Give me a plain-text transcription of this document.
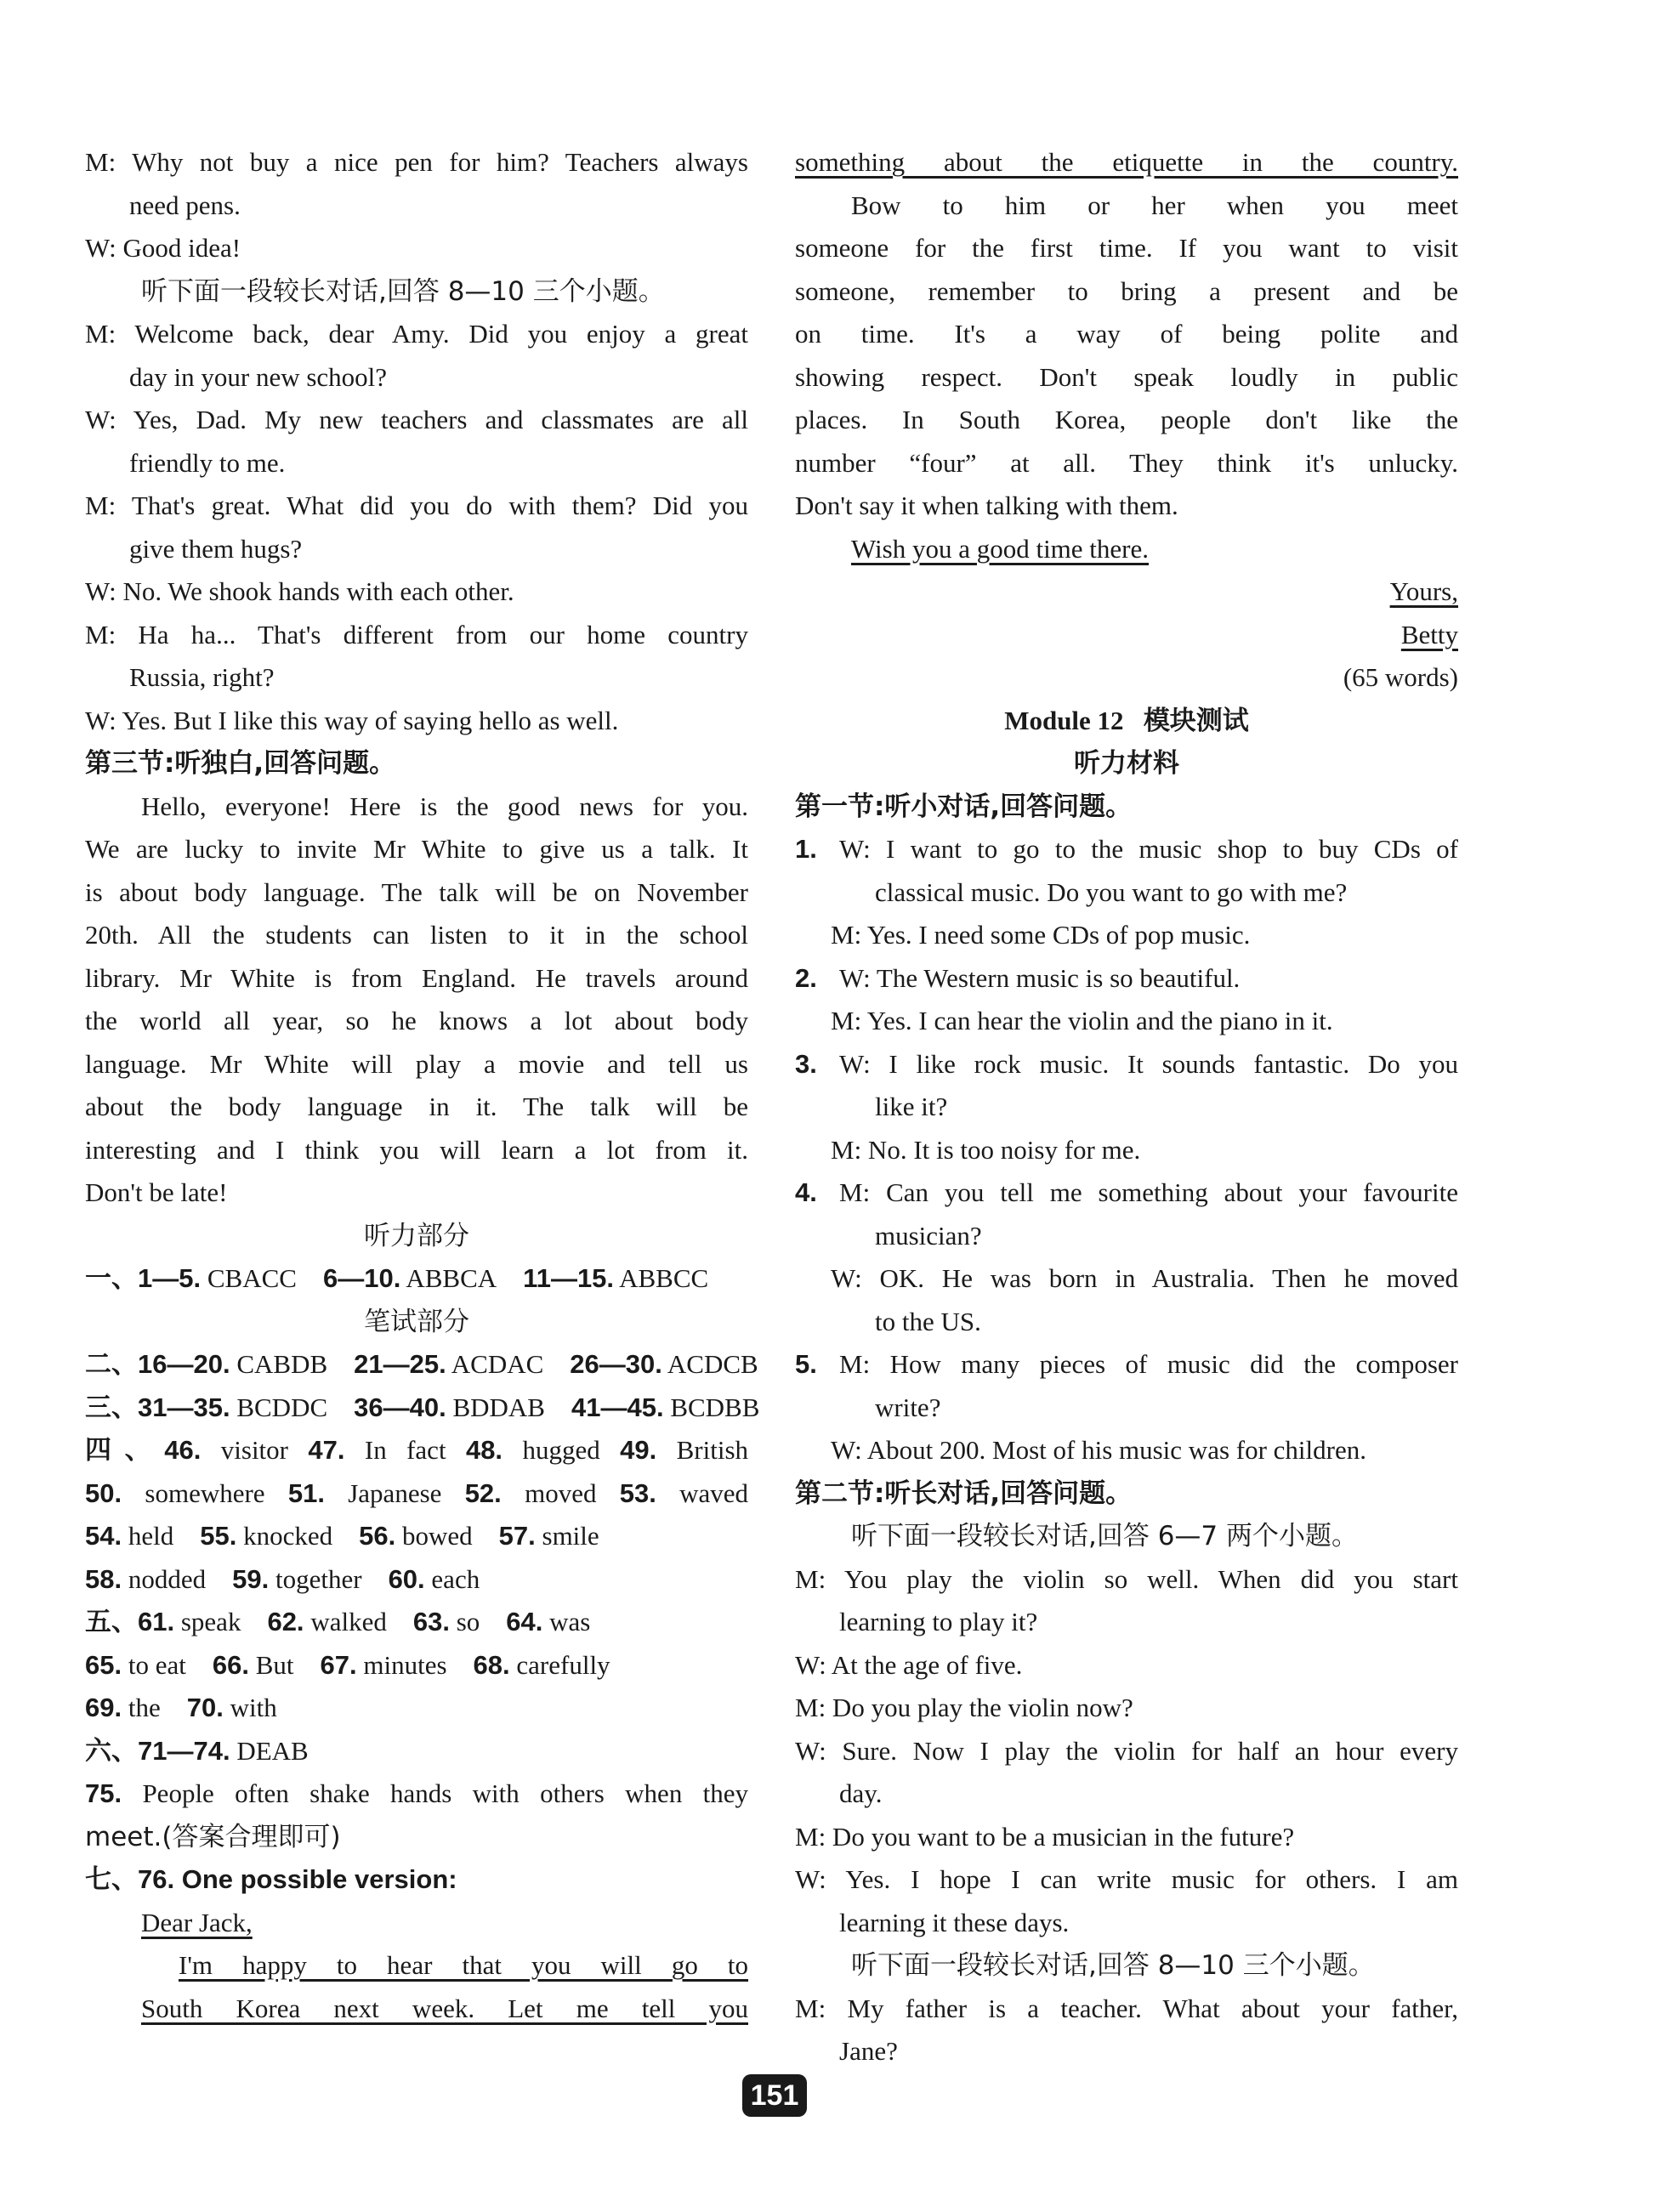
M: Why not buy a nice pen for him? Teachers always
need pens.
W: Good idea!
听下面一段较长对话,回答 8—10 三个小题。
M: Welcome back, dear Amy. Did you enjoy a great
day in your new school?
W: Yes, Dad. My new teachers and classmates are all
friendly to me.
M: That's great. What did you do with them? Did you
give them hugs?
W: No. We shook hands with each other.
M: Ha ha... That's different from our home country
Russia, right?
W: Yes. But I like this way of saying hello as well.
第三节:听独白,回答问题。
Hello, everyone! Here is the good news for you.
We are lucky to invite Mr White to give us a talk. It
is about body language. The talk will be on November
20th. All the students can listen to it in the school
library. Mr White is from England. He travels around
the world all year, so he knows a lot about body
language. Mr White will play a movie and tell us
about the body language in it. The talk will be
interesting and I think you will learn a lot from it.
Don't be late!
听力部分
一、1—5. CBACC 6—10. ABBCA 11—15. ABBCC
笔试部分
二、16—20. CABDB 21—25. ACDAC 26—30. ACDCB
三、31—35. BCDDC 36—40. BDDAB 41—45. BCDBB
四、46. visitor 47. In fact 48. hugged 49. British
50. somewhere 51. Japanese 52. moved 53. waved
54. held 55. knocked 56. bowed 57. smile
58. nodded 59. together 60. each
五、61. speak 62. walked 63. so 64. was
65. to eat 66. But 67. minutes 68. carefully
69. the 70. with
六、71—74. DEAB
75. People often shake hands with others when they
meet.(答案合理即可)
七、76. One possible version:
Dear Jack,
I'm happy to hear that you will go to
South Korea next week. Let me tell you
something about the etiquette in the country.
Bow to him or her when you meet
someone for the first time. If you want to visit
someone, remember to bring a present and be
on time. It's a way of being polite and
showing respect. Don't speak loudly in public
places. In South Korea, people don't like the
number “four” at all. They think it's unlucky.
Don't say it when talking with them.
Wish you a good time there.
Yours,
Betty
(65 words)
Module 12 模块测试
听力材料
第一节:听小对话,回答问题。
1. W: I want to go to the music shop to buy CDs of
classical music. Do you want to go with me?
M: Yes. I need some CDs of pop music.
2. W: The Western music is so beautiful.
M: Yes. I can hear the violin and the piano in it.
3. W: I like rock music. It sounds fantastic. Do you
like it?
M: No. It is too noisy for me.
4. M: Can you tell me something about your favourite
musician?
W: OK. He was born in Australia. Then he moved
to the US.
5. M: How many pieces of music did the composer
write?
W: About 200. Most of his music was for children.
第二节:听长对话,回答问题。
听下面一段较长对话,回答 6—7 两个小题。
M: You play the violin so well. When did you start
learning to play it?
W: At the age of five.
M: Do you play the violin now?
W: Sure. Now I play the violin for half an hour every
day.
M: Do you want to be a musician in the future?
W: Yes. I hope I can write music for others. I am
learning it these days.
听下面一段较长对话,回答 8—10 三个小题。
M: My father is a teacher. What about your father,
Jane?
151
